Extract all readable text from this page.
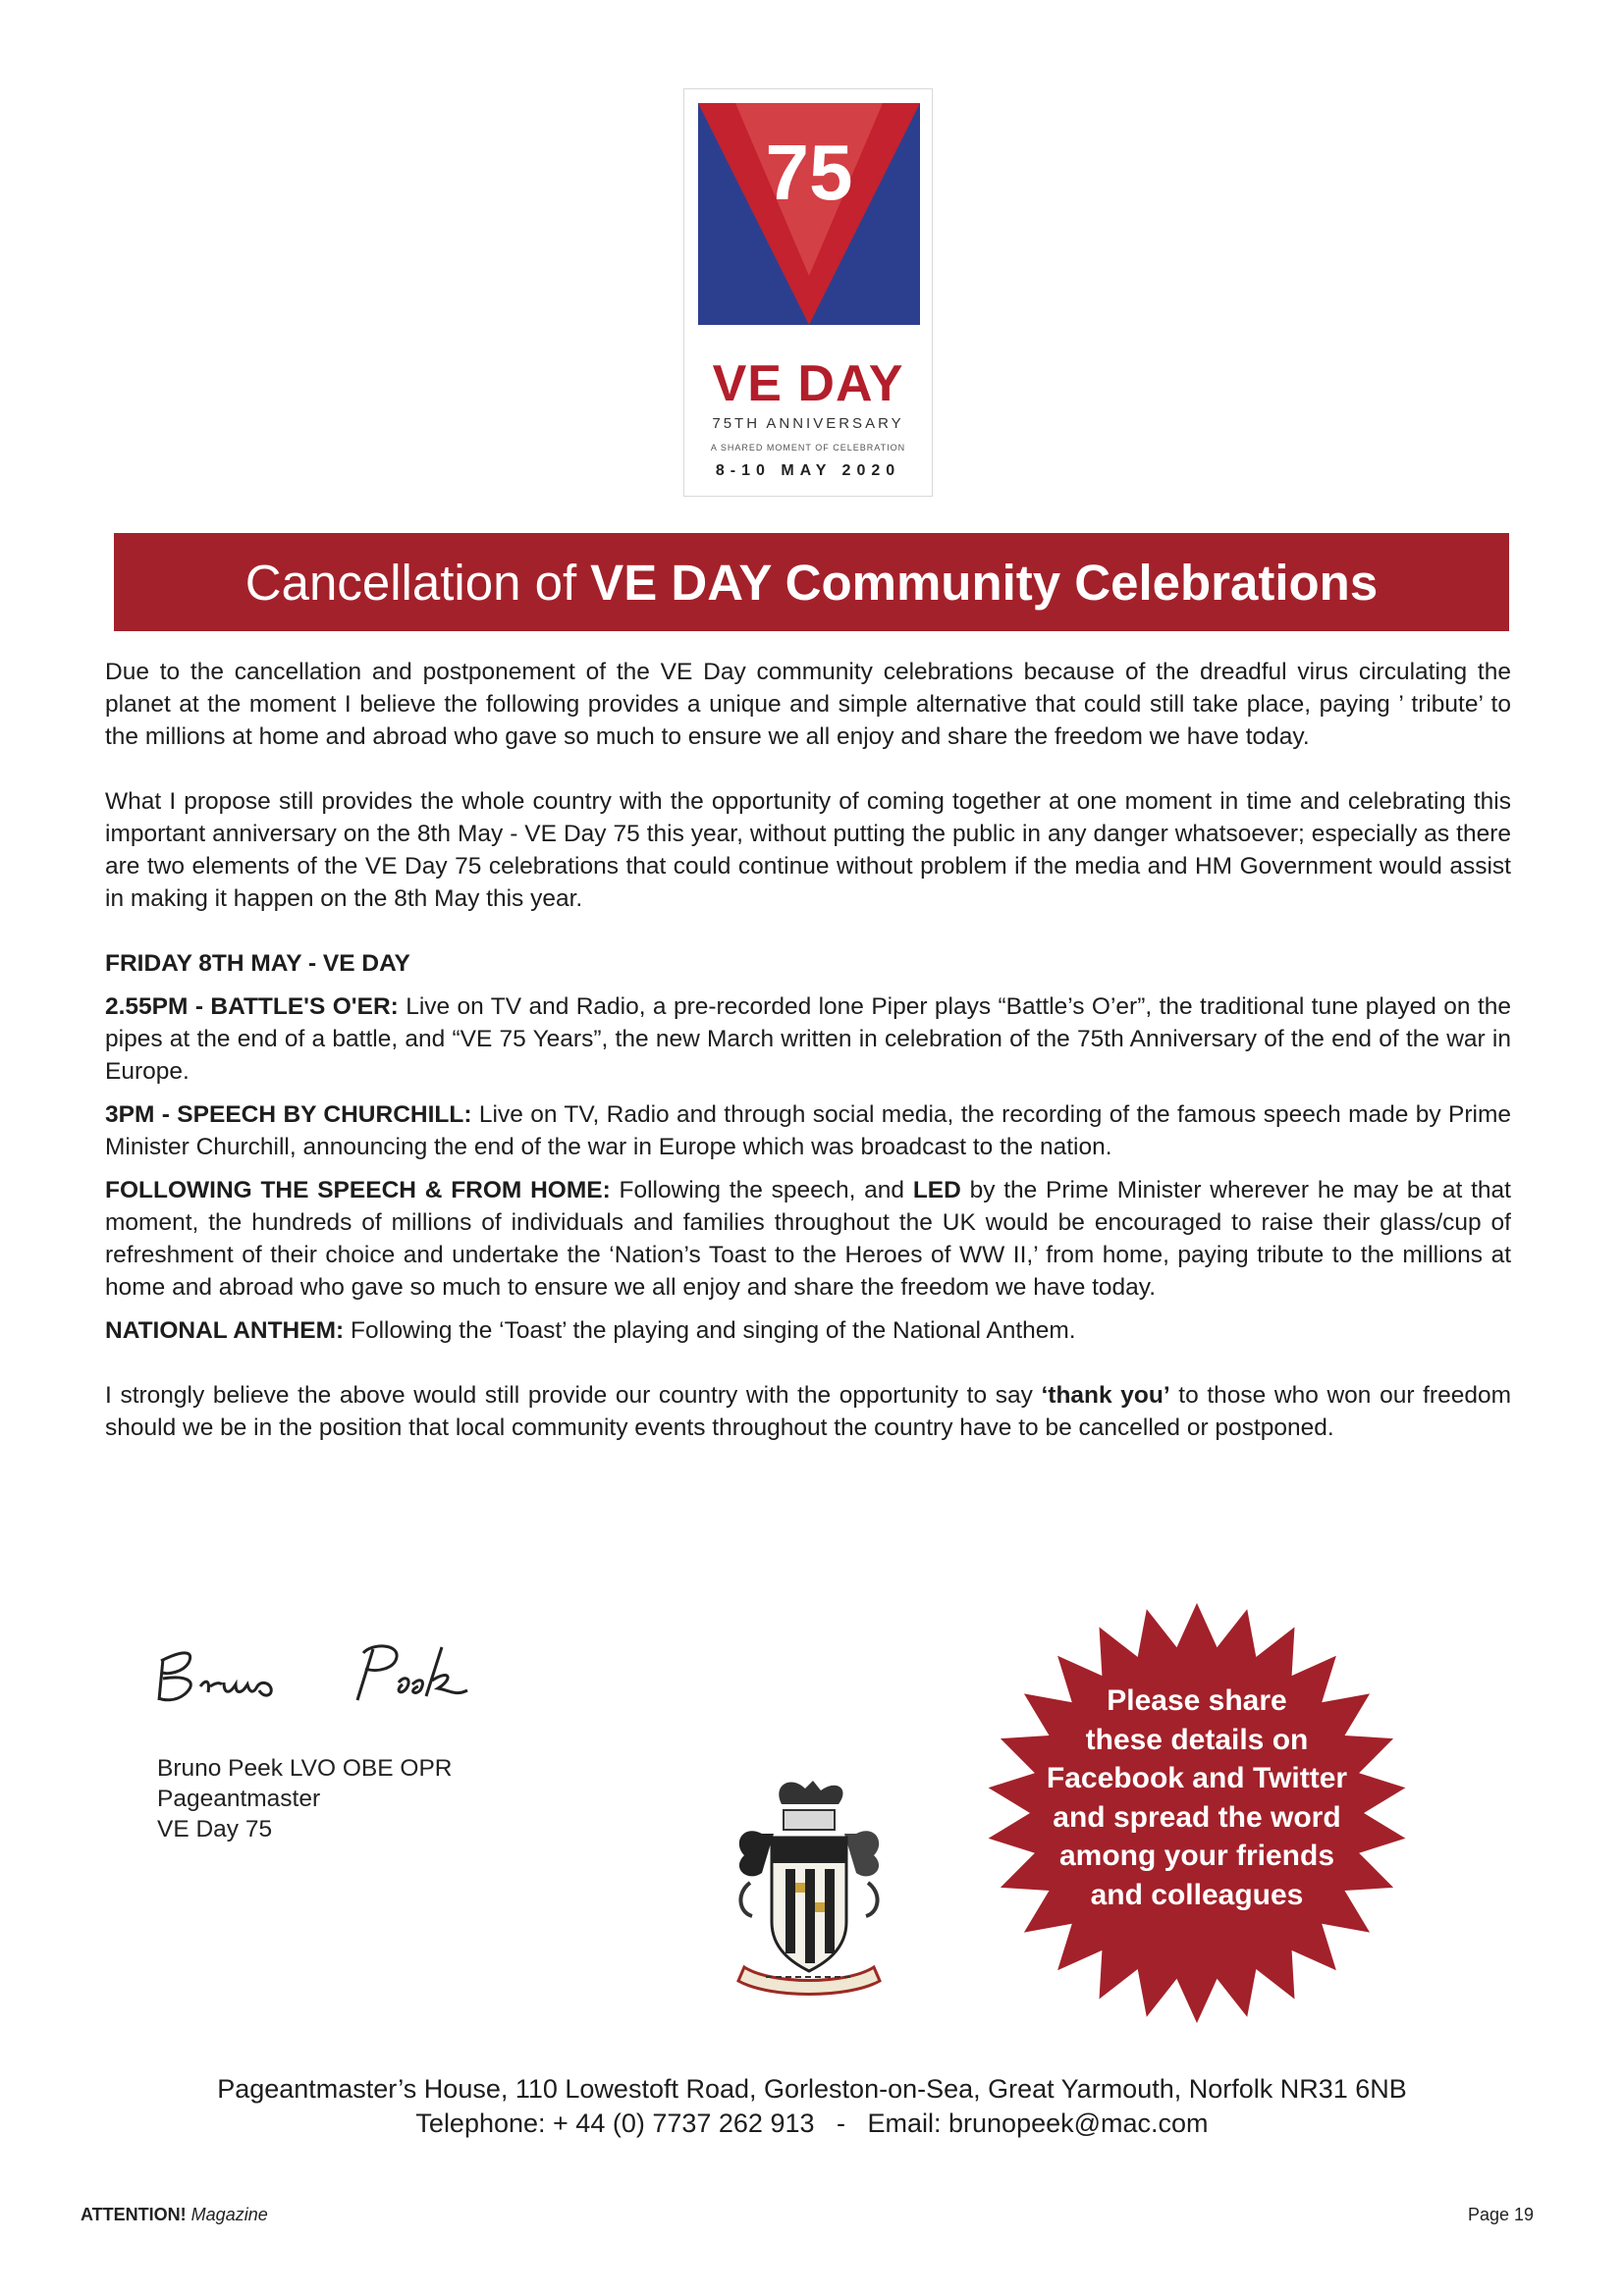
75
VE DAY
75TH ANNIVERSARY
A SHARED MOMENT OF CELEBRATION
8-10 MAY 2020
Cancellation of VE DAY Community Celebrations

Due to the cancellation and postponement of the VE Day community celebrations because of the dreadful virus circulating the planet at the moment I believe the following provides a unique and simple alternative that could still take place, paying ’ tribute’ to the millions at home and abroad who gave so much to ensure we all enjoy and share the freedom we have today.

What I propose still provides the whole country with the opportunity of coming together at one moment in time and celebrating this important anniversary on the 8th May - VE Day 75 this year, without putting the public in any danger whatsoever; especially as there are two elements of the VE Day 75 celebrations that could continue without problem if the media and HM Government would assist in making it happen on the 8th May this year.

FRIDAY 8TH MAY - VE DAY

2.55PM - BATTLE'S O'ER: Live on TV and Radio, a pre-recorded lone Piper plays “Battle’s O’er”, the traditional tune played on the pipes at the end of a battle, and “VE 75 Years”, the new March written in celebration of the 75th Anniversary of the end of the war in Europe.

3PM - SPEECH BY CHURCHILL: Live on TV, Radio and through social media, the recording of the famous speech made by Prime Minister Churchill, announcing the end of the war in Europe which was broadcast to the nation.

FOLLOWING THE SPEECH & FROM HOME: Following the speech, and LED by the Prime Minister wherever he may be at that moment, the hundreds of millions of individuals and families throughout the UK would be encouraged to raise their glass/cup of refreshment of their choice and undertake the ‘Nation’s Toast to the Heroes of WW II,’ from home, paying tribute to the millions at home and abroad who gave so much to ensure we all enjoy and share the freedom we have today.

NATIONAL ANTHEM: Following the ‘Toast’ the playing and singing of the National Anthem.

I strongly believe the above would still provide our country with the opportunity to say ‘thank you’ to those who won our freedom should we be in the position that local community events throughout the country have to be cancelled or postponed.

Bruno Peek LVO OBE OPR
Pageantmaster
VE Day 75
Please share
these details on
Facebook and Twitter
and spread the word
among your friends
and colleagues
Pageantmaster’s House, 110 Lowestoft Road, Gorleston-on-Sea, Great Yarmouth, Norfolk NR31 6NB
Telephone: + 44 (0) 7737 262 913   -   Email: brunopeek@mac.com
ATTENTION! Magazine	Page 19
